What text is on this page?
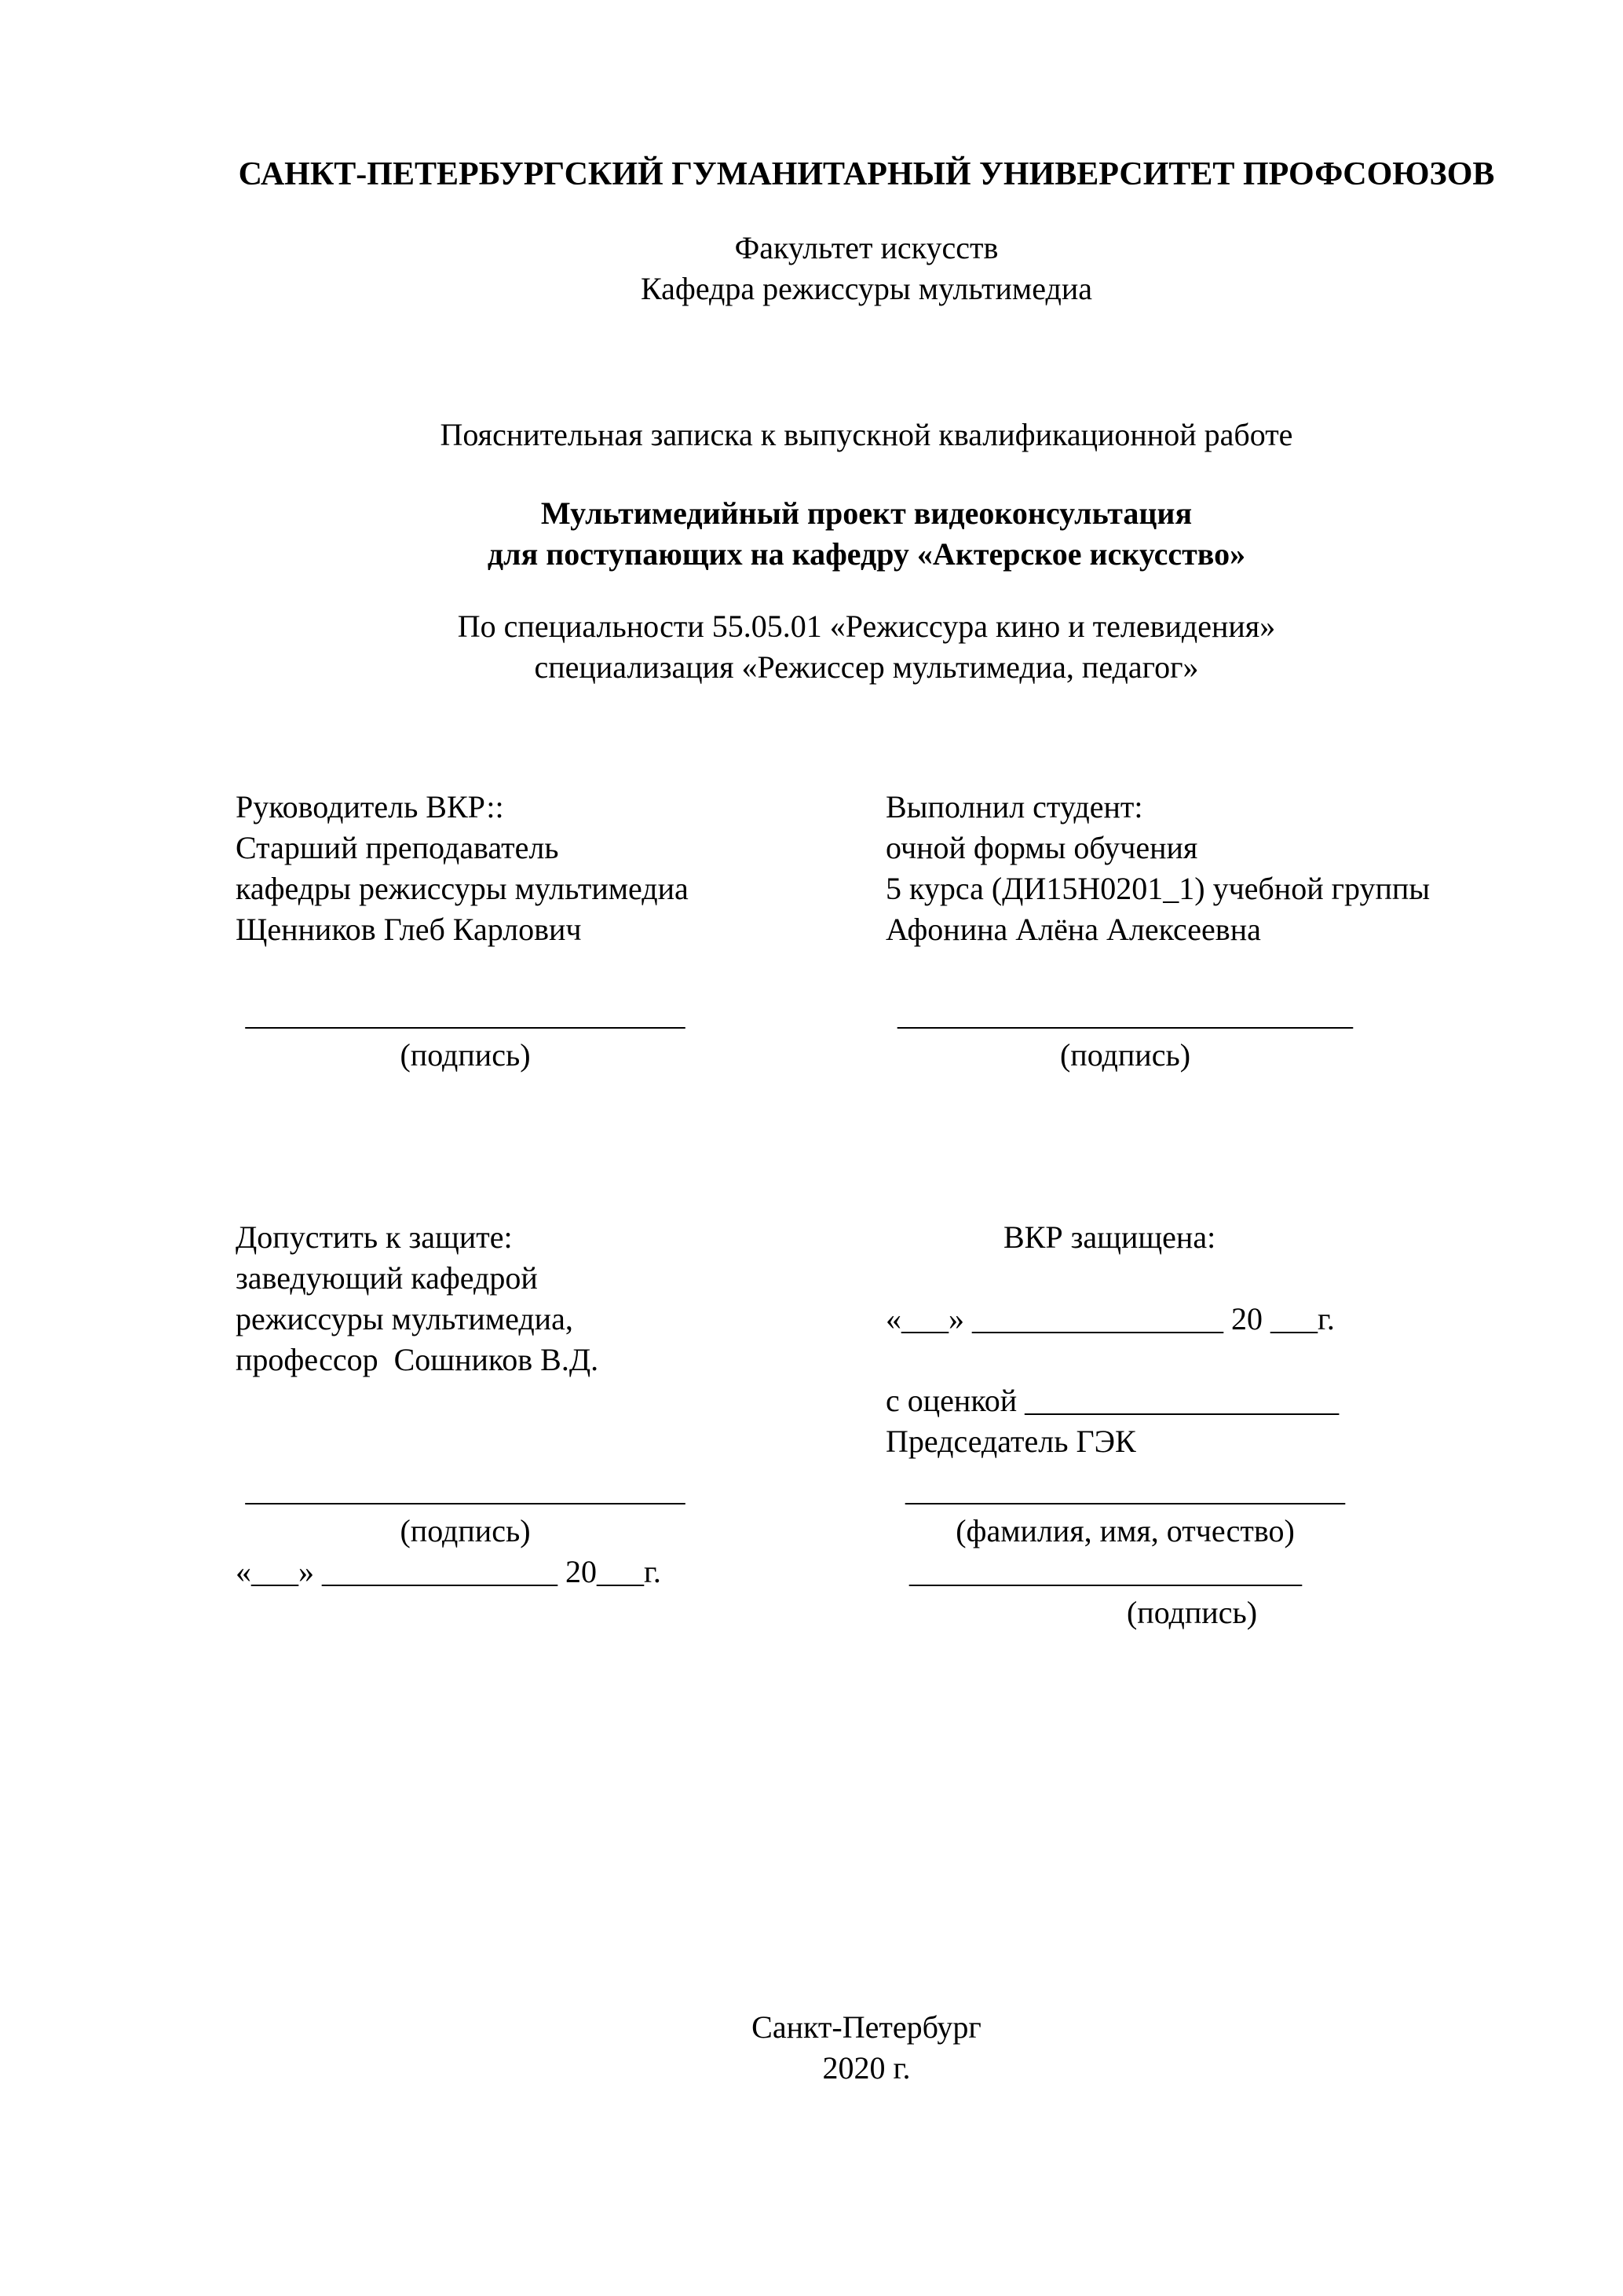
САНКТ-ПЕТЕРБУРГСКИЙ ГУМАНИТАРНЫЙ УНИВЕРСИТЕТ ПРОФСОЮЗОВ
Факультет искусств
Кафедра режиссуры мультимедиа
Пояснительная записка к выпускной квалификационной работе
Мультимедийный проект видеоконсультация
для поступающих на кафедру «Актерское искусство»
По специальности 55.05.01 «Режиссура кино и телевидения»
специализация «Режиссер мультимедиа, педагог»
Руководитель ВКР::
Старший преподаватель
кафедры режиссуры мультимедиа
Щенников Глеб Карлович
Выполнил студент:
очной формы обучения
5 курса (ДИ15Н0201_1) учебной группы
Афонина Алёна Алексеевна
____________________________
(подпись)
_____________________________
(подпись)
Допустить к защите:
заведующий кафедрой
режиссуры мультимедиа,
профессор  Сошников В.Д.
ВКР защищена:
«___» ________________ 20 ___г.
с оценкой ____________________
Председатель ГЭК
____________________________
(подпись)
«___» _______________ 20___г.
____________________________
(фамилия, имя, отчество)
_________________________
(подпись)
Санкт-Петербург
2020 г.
